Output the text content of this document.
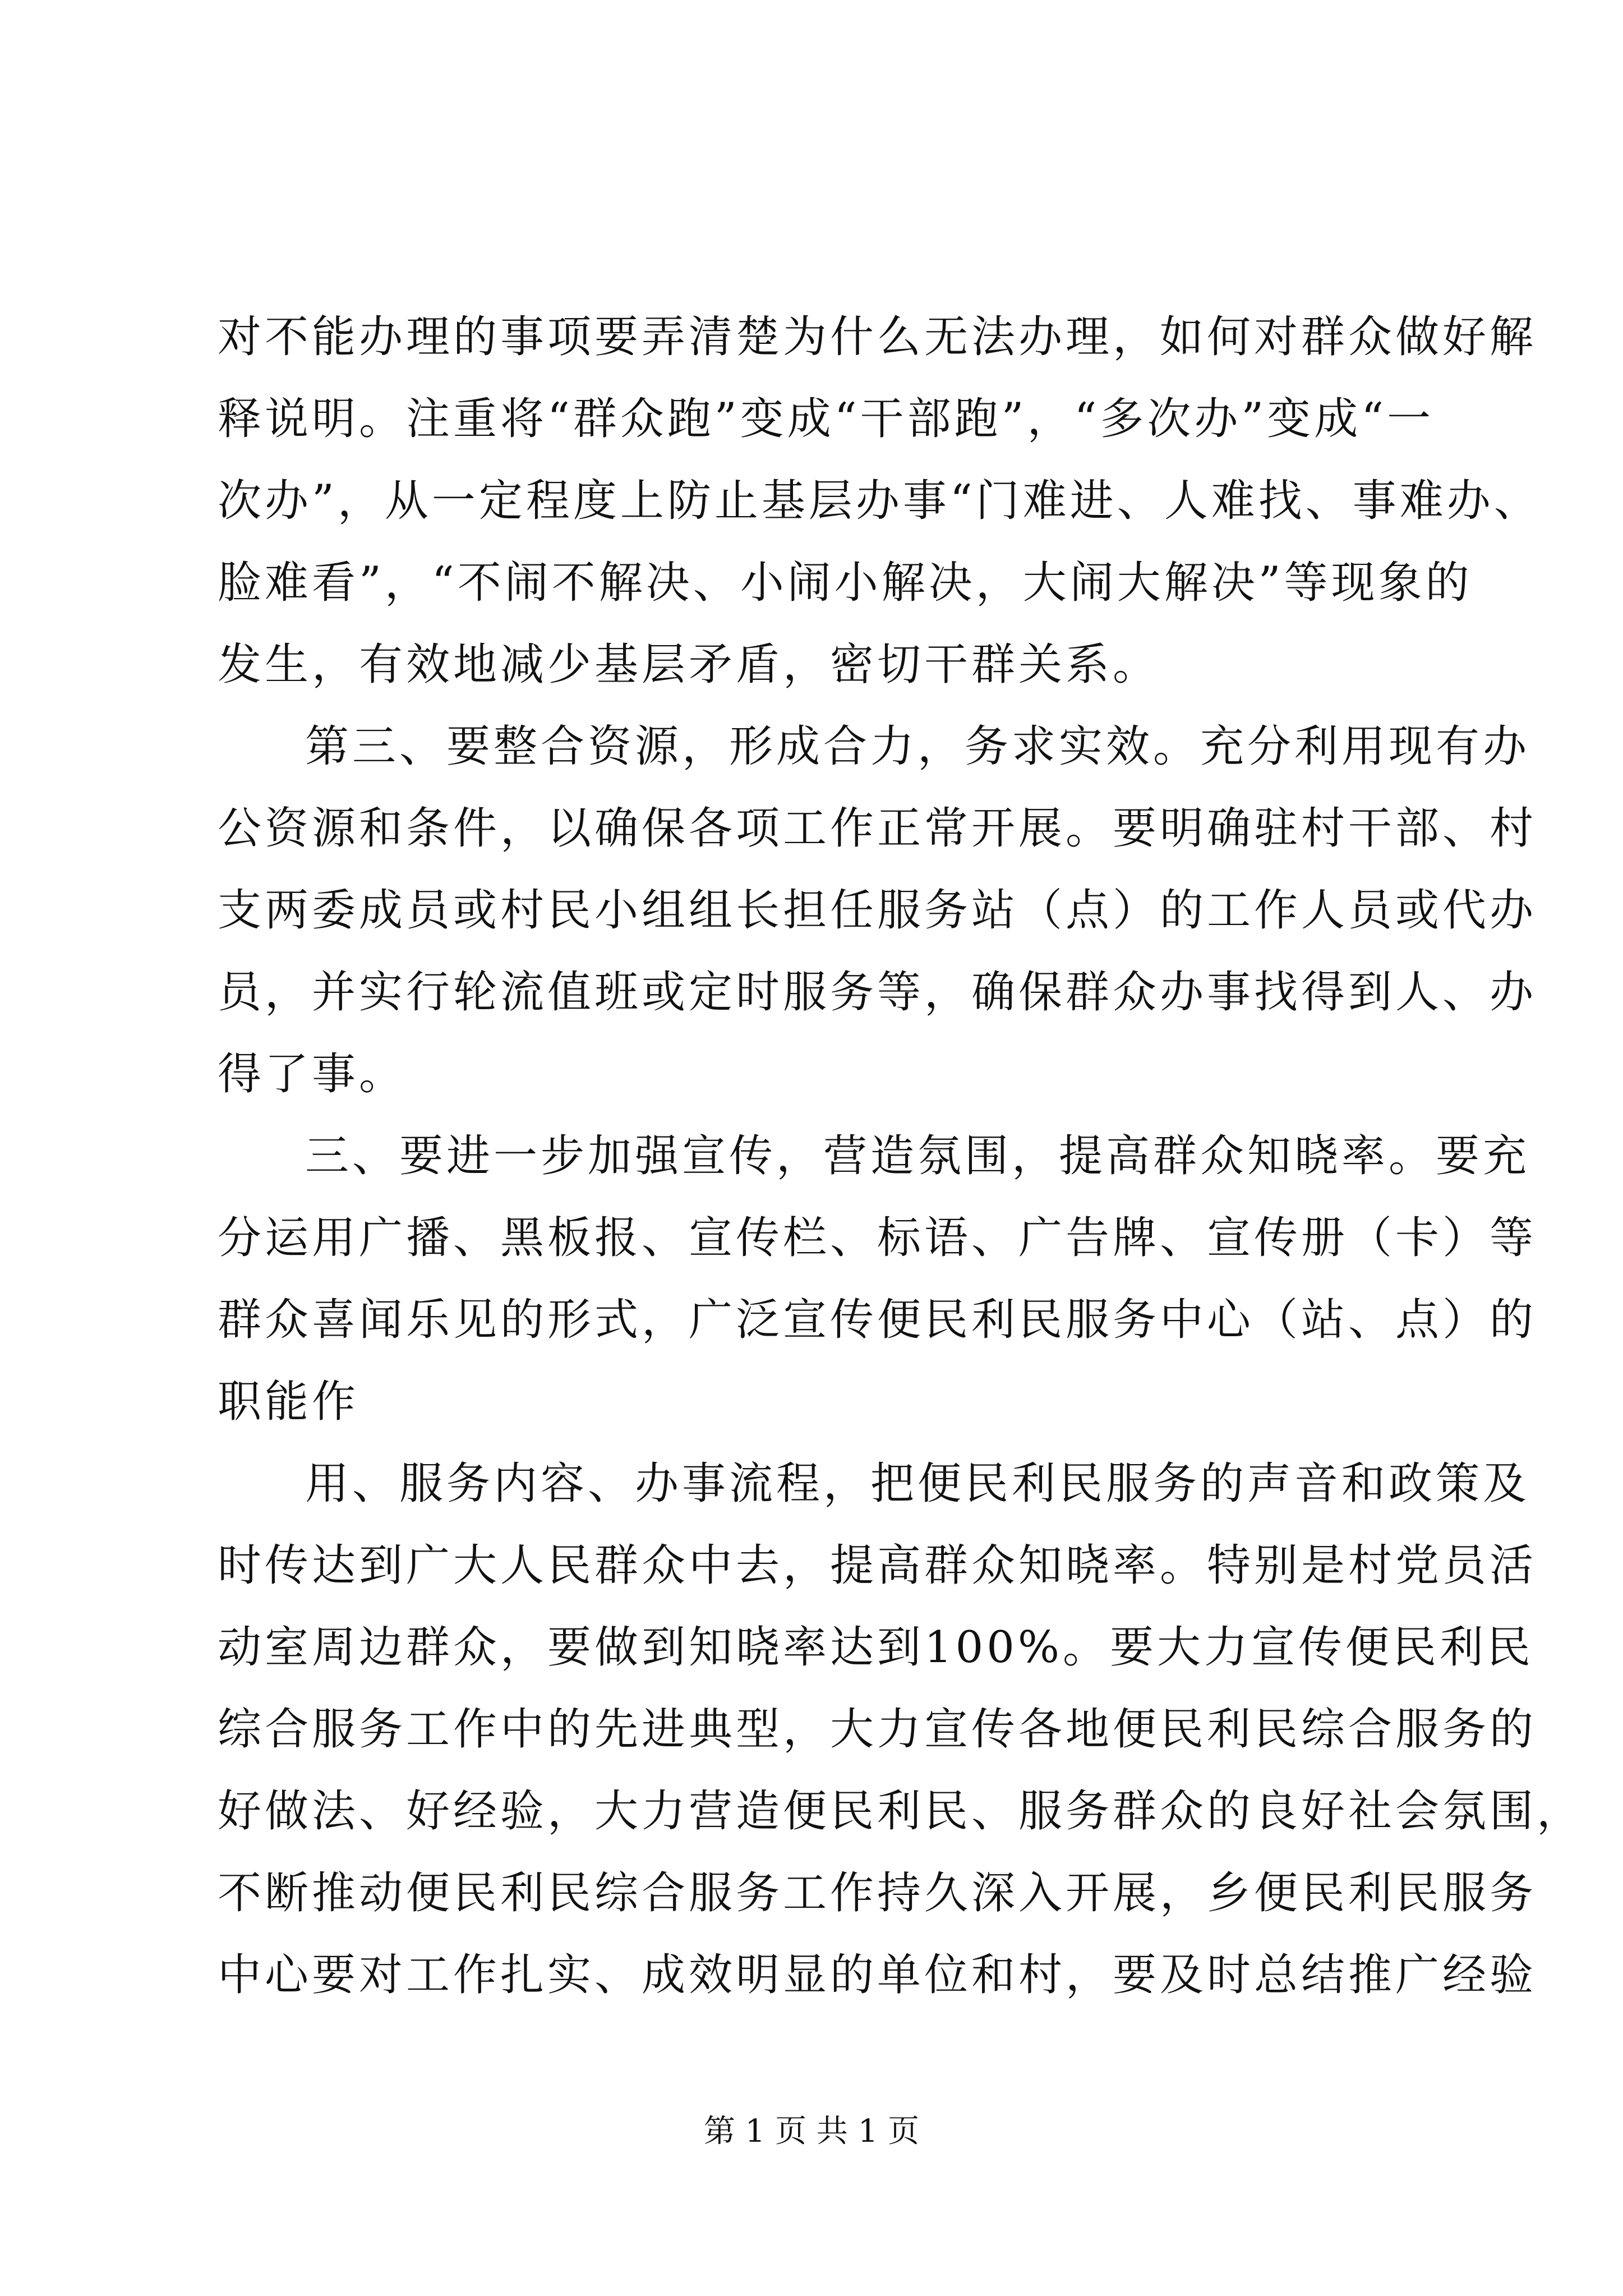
对不能办理的事项要弄清楚为什么无法办理，如何对群众做好解
释说明。注重将“群众跑”变成“干部跑”，“多次办”变成“一
次办”，从一定程度上防止基层办事“门难进、人难找、事难办、
脸难看”，“不闹不解决、小闹小解决，大闹大解决”等现象的
发生，有效地减少基层矛盾，密切干群关系。
第三、要整合资源，形成合力，务求实效。充分利用现有办
公资源和条件，以确保各项工作正常开展。要明确驻村干部、村
支两委成员或村民小组组长担任服务站（点）的工作人员或代办
员，并实行轮流值班或定时服务等，确保群众办事找得到人、办
得了事。
三、要进一步加强宣传，营造氛围，提高群众知晓率。要充
分运用广播、黑板报、宣传栏、标语、广告牌、宣传册（卡）等
群众喜闻乐见的形式，广泛宣传便民利民服务中心（站、点）的
职能作
用、服务内容、办事流程，把便民利民服务的声音和政策及
时传达到广大人民群众中去，提高群众知晓率。特别是村党员活
动室周边群众，要做到知晓率达到100%。要大力宣传便民利民
综合服务工作中的先进典型，大力宣传各地便民利民综合服务的
好做法、好经验，大力营造便民利民、服务群众的良好社会氛围，
不断推动便民利民综合服务工作持久深入开展，乡便民利民服务
中心要对工作扎实、成效明显的单位和村，要及时总结推广经验
第 1 页 共 1 页
